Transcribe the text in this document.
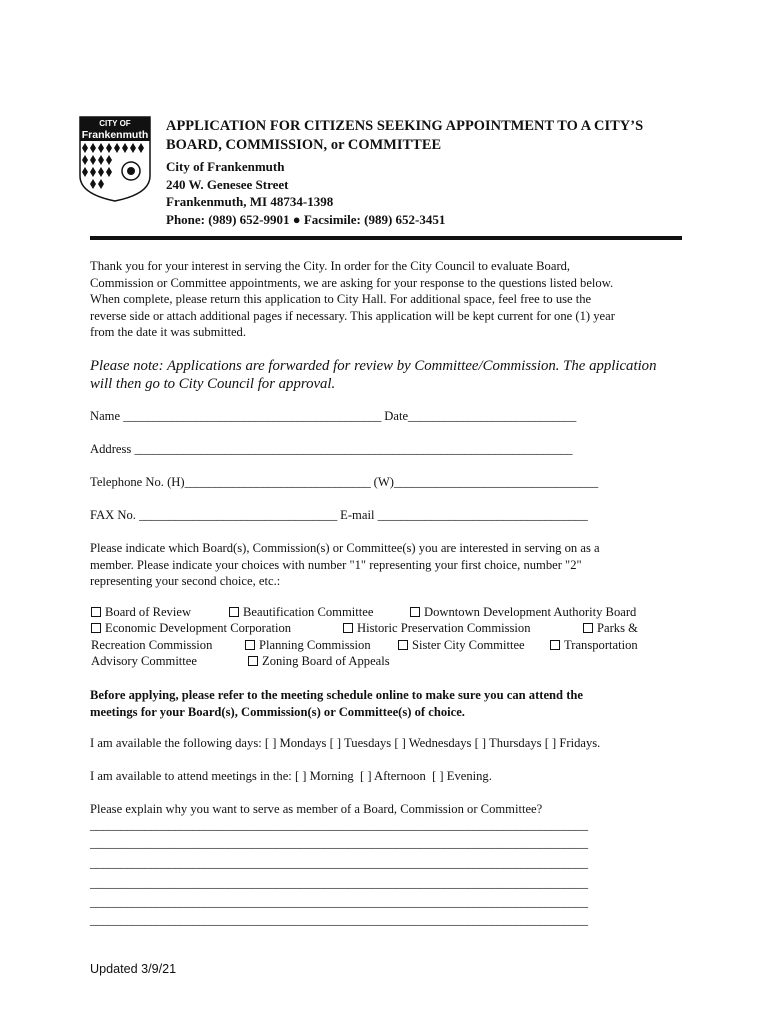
CITY OF
Frankenmuth
APPLICATION FOR CITIZENS SEEKING APPOINTMENT TO A CITY’S
BOARD, COMMISSION, or COMMITTEE
City of Frankenmuth
240 W. Genesee Street
Frankenmuth, MI 48734-1398
Phone: (989) 652-9901 ● Facsimile: (989) 652-3451
Thank you for your interest in serving the City. In order for the City Council to evaluate Board,
Commission or Committee appointments, we are asking for your response to the questions listed below.
When complete, please return this application to City Hall. For additional space, feel free to use the
reverse side or attach additional pages if necessary. This application will be kept current for one (1) year
from the date it was submitted.
Please note: Applications are forwarded for review by Committee/Commission. The application
will then go to City Council for approval.
Name ___________________________________________ Date____________________________
Address _________________________________________________________________________
Telephone No. (H)_______________________________ (W)__________________________________
FAX No. _________________________________ E-mail ___________________________________
Please indicate which Board(s), Commission(s) or Committee(s) you are interested in serving on as a
member. Please indicate your choices with number "1" representing your first choice, number "2"
representing your second choice, etc.:
Board of Review	Beautification Committee	Downtown Development Authority Board
Economic Development Corporation	Historic Preservation Commission	Parks &
Recreation Commission	Planning Commission	Sister City Committee	Transportation
Advisory Committee	Zoning Board of Appeals
Before applying, please refer to the meeting schedule online to make sure you can attend the
meetings for your Board(s), Commission(s) or Committee(s) of choice.
I am available the following days: [ ] Mondays [ ] Tuesdays [ ] Wednesdays [ ] Thursdays [ ] Fridays.
I am available to attend meetings in the: [ ] Morning [ ] Afternoon [ ] Evening.
Please explain why you want to serve as member of a Board, Commission or Committee?
___________________________________________________________________________________
___________________________________________________________________________________
___________________________________________________________________________________
___________________________________________________________________________________
___________________________________________________________________________________
___________________________________________________________________________________
Updated 3/9/21
